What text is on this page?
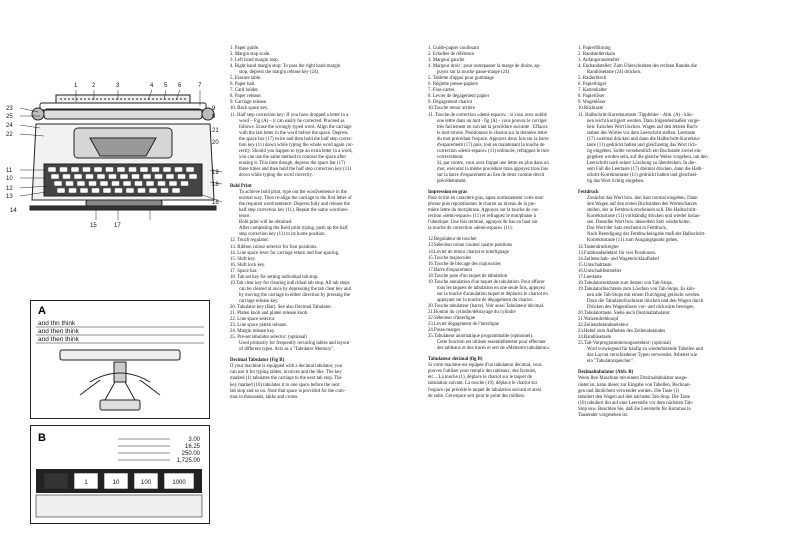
23
25
24
22
11
10
12
13
1 2	3	4 5 6	7
9
8
21
20
19
18
14
16
15	17
A
and thn think
and then think
and then think
B	3.00
16.25
250.00
1,725.00
1	10	100	1000

1. Paper guide.

2. Margin stop scale.

3. Left hand margin stop.

4. Right hand margin stop: To pass the right hand margin

stop, depress the margin release key (24).

5. Erasure table.

6. Paper bail.

7. Card holder.

8. Paper release.

9. Carriage release.

10. Back space key.

11. Half step correction key: If you have dropped a letter in a

word – Fig (A) – it can easily be corrected. Proceed as

follows: Erase the wrongly typed word. Align the carriage

with the last letter in the word before the space. Depress

the space bar (17) twice and then hold the half step correc-

tion key (11) down while typing the whole word again cor-

rectly. Should you happen to type an extra letter in a word,

you can use the same method to conceal the space after

erasing it. This time though, depress the space bar (17)

three times and then hold the half step correction key (11)

down while typing the word correctly.

Bold Print

To achieve bold print, type out the word/sentence in the

normal way. Then re-align the carriage to the first letter of

the required word/sentence. Depress fully and release the

half step correction key (11). Repeat the same word/sen-

tence.

Bold print will be obtained.

After completing the Bold print typing, push up the half

step correction key (11) to its home position.

12. Touch regulator.

13. Ribbon colour selector for four positions.

14. Line space lever for carriage return and line spacing.

15. Shift key.

16. Shift lock key.

17. Space bar.

18. Tab set key for setting individual tab stop.

19.Tab clear key for clearing individual tab stop. All tab stops

can be cleared at once by depressing the tab clear key and

by moving the carriage in either direction by pressing the

carriage release key.

20. Tabulator key (Bar). See also Decimal Tabulator.

21. Platen knob and platen release knob.

22. Line space selector.

23. Line space platen release.

24. Margin release key.

25. Pre-set tabulator selector: (optional)

Used primarily for frequently recurring tables and layout

of different types. Acts as a "Tabulator Memory".

Decimal Tabulator (Fig B)

If your machine is equipped with a decimal tabulator, you

can use it for typing tables, invoices and the like. The key

marked (1) tabulates the carriage to the next tab stop. The

key marked (10) tabulates it to one space before the next

tab stop and so on. Note that space is provided for the com-

mas in thousands, lakhs and crores.

1. Guide-papier coulissant

2. Echelles de référence

3. Margeur gauche

4. Margeur droit : pour outrepasser la marge de droite, ap-

puyez sur la touche passe-marge (24)

5. Tablette d'appui pour gommage

6. Réglette presse-papiers

7. Fixe-cartes

8. Levier de dégagement papier

9. Dégagement chariot

10.Touche retour arrière

11. Touche de correction «demi-espace» : si vous avez oublié

une lettre dans un mot - fig (A) - vous pouvez le corriger

très facilement en suivant la procédure suivante : Effacez

le mot erroné. Positionnez le chariot sur la dernière lettre

du mot précédant l'espace. Appuyez deux fois sur la barre

d'espacement (17) puis, tout en maintenant la touche de

correction «demi-espace» (11) enfoncée, refrappez le mot

correctement.

Si, par contre, vous avez frappé une lettre en plus dans un

mot, exécutez la même procédure mais appuyez trois fois

sur la barre d'espacement au lieu de deux comme décrit

précédemment.

Impression en gras

Pour écrire en caractère gras, tapez normalement votre mot/

phrase puis repositionnez le chariot au niveau de la pre-

mière lettre du mot/phrase. Appuyez sur la touche de cor-

rection «demi-espace» (11) et refrappez le mot/phrase à

l'identique. Une fois terminé, appuyez de bas en haut sur

la touche de correction «demi-espace» (11).

12.Régulateur de toucher

13.Sélecteur ruban couleur quatre positions

14.Levier de retour chariot et interlignage

15.Touche majuscules

16.Touche de blocage des majuscules

17.Barre d'espacement

18.Touche pose d'un taquet de tabulation

19.Touche annulation d'un taquet de tabulation. Pour effacer

tous les taquets de tabulation en une seule fois, appuyez

sur la touche d'annulation taquet et déplacez le chariot en

appuyant sur la touche de dégagement du chariot.

20.Touche tabulateur (barre). Voir aussi Tabulateur décimal.

21.Bouton du cylindre/débrayage du cylindre

22.Sélecteur d'interligne

23.Levier dégagement de l'interligne

24.Passe-marges

25.Tabulateur automatique programmable (optionnel).

Cette fonction est utilisée essentiellement pour effectuer

des tableaux et des tracés et sert de «Mémoire tabulateur».

Tabulateur décimal (fig B)

Si votre machine est équipée d'un tabulateur décimal, vous

pouvez l'utiliser pour remplir des tableaux, des factures,

etc... La touche (1), déplace le chariot sur le taquet de

tabulation suivant. La touche (10), déplace le chariot sur

l'espace qui précède le taquet de tabulation suivant et ainsi

de suite. Cet espace sert pour le point des milliers.

1. Papierführung

2. Randstellerskala

3. Anfangsrandsteller

4. Endrandsteller: Zum Überschreiten des rechten Randes die

Randlösetaste (24) drücken.

5. Radierblech

6. Papierbügel

7. Kartenhalter

8. Papierlöser

9. Wagenlöser

10.Rücktaste

11. Halbschritt-Korrekturtaste: Tippfehler - Abb. (A) - kön-

nen leicht korrigiert werden. Dazu folgendermaßen vorge-

hen: Falsches Wort löschen. Wagen auf den letzten Buch-

staben des Wortes vor dem Leerschritt stellen. Leertaste

(17) zweimal drücken und dann die Halbschritt-Korrektur-

taste (11) gedrückt halten und gleichzeitig das Wort rich-

tig eingeben. Sollte versehentlich ein Buchstabe zuviel ein-

gegeben worden sein, auf die gleiche Weise vorgehen, um den

Leerschritt nach seiner Löschung zu überdecken. In die-

sem Fall die Leertaste (17) dreimal drücken, dann die Halb-

schritt-Korrekturtaste (11) gedrückt halten und gleichzei-

tig das Wort richtig eingeben.

Fettdruck

Zunächst das Wort bzw. den Satz normal eingeben. Dann

den Wagen auf den ersten Buchstaben des Wortes/Satzes

stellen, der in Fettdruck erscheinen soll. Die Halbschritt-

Korrekturtaste (11) vollständig drücken und wieder loslas-

sen. Dasselbe Wort bzw. denselben Satz wiederholen.

Das Wort/der Satz erscheint in Fettdruck.

Nach Beendigung der Fettdruckeingabe muß der Halbschritt-

Korrekturtaste (11) zum Ausgangspunkt gehen.

12.Tastendruckregler

13.Farbbandselektor für vier Positionen.

14.Zeilenschalt- und Wagenrücklaufhebel

15.Umschalttaste

16.Umschaltfeststeller

17.Leertaste

18.Tabulatorsetztaste zum Setzen von Tab-Stops.

19.Tabulatorlöschtaste zum Löschen von Tab-Stops. Es kön-

nen alle Tab-Stops mit einem Durchgang gelöscht werden.

Dazu die Tabulatorlöschtaste drücken und den Wagen durch

Drücken des Wagenlösers vor- und rückwärts bewegen.

20.Tabulatortaste. Siehe auch Dezimaltabulator.

21.Walzendrehknopf

22.Zeilenabstandsselektor

23.Hebel zum Aufheben des Zeilenabstandes

24.Randlösetaste

25.Tab-Vorprogrammierungsselektor: (optional)

Wird vorwiegend für häufig zu wiederholende Tabellen und

das Layout verschiedener Typen verwendet. Arbeitet wie

ein "Tabulatorspeicher".

Dezimaltabulator (Abb. B)

Wenn Ihre Maschine mit einem Dezimaltabulator ausge-

rüstet ist, kann dieser zur Eingabe von Tabellen, Rechnun-

gen und ähnlichem verwendet werden. Die Taste (1)

tabuliert den Wagen auf den nächsten Tab-Stop. Die Taste

(10) tabuliert ihn auf eine Leerstelle vor dem nächsten Tab-

Stop usw. Beachten Sie, daß die Leerstelle für Kommas in

Tausender vorgesehen ist.
